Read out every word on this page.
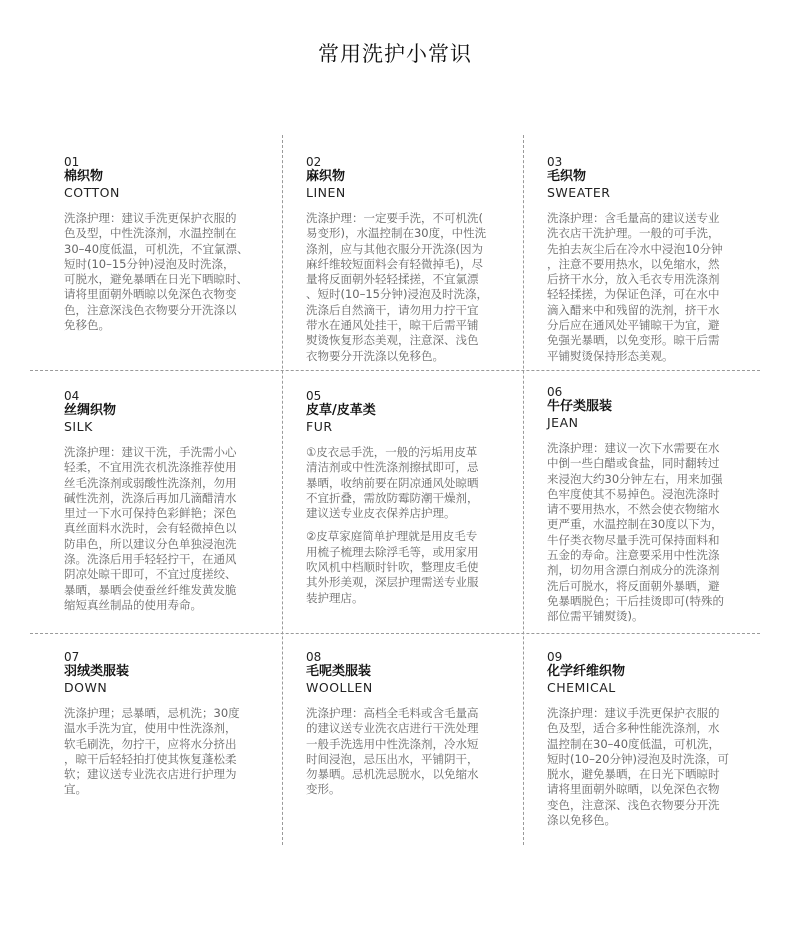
常用洗护小常识
01
棉织物
COTTON
洗涤护理：建议手洗更保护衣服的
色及型，中性洗涤剂，水温控制在
30–40度低温，可机洗，不宜氯漂、
短时(10–15分钟)浸泡及时洗涤，
可脱水，避免暴晒在日光下晒晾时、
请将里面朝外晒晾以免深色衣物变
色，注意深浅色衣物要分开洗涤以
免移色。
02
麻织物
LINEN
洗涤护理：一定要手洗，不可机洗(
易变形)，水温控制在30度，中性洗
涤剂，应与其他衣服分开洗涤(因为
麻纤维较短面料会有轻微掉毛)，尽
量将反面朝外轻轻揉搓，不宜氯漂
、短时(10–15分钟)浸泡及时洗涤，
洗涤后自然滴干，请勿用力拧干宜
带水在通风处挂干，晾干后需平铺
熨烫恢复形态美观，注意深、浅色
衣物要分开洗涤以免移色。
03
毛织物
SWEATER
洗涤护理：含毛量高的建议送专业
洗衣店干洗护理。一般的可手洗，
先拍去灰尘后在冷水中浸泡10分钟
，注意不要用热水，以免缩水，然
后挤干水分，放入毛衣专用洗涤剂
轻轻揉搓，为保证色泽，可在水中
滴入醋来中和残留的洗剂，挤干水
分后应在通风处平铺晾干为宜，避
免强光暴晒，以免变形。晾干后需
平铺熨烫保持形态美观。
04
丝绸织物
SILK
洗涤护理：建议干洗，手洗需小心
轻柔，不宜用洗衣机洗涤推荐使用
丝毛洗涤剂或弱酸性洗涤剂，勿用
碱性洗剂，洗涤后再加几滴醋清水
里过一下水可保持色彩鲜艳；深色
真丝面料水洗时，会有轻微掉色以
防串色，所以建议分色单独浸泡洗
涤。洗涤后用手轻轻拧干，在通风
阴凉处晾干即可，不宜过度搓绞、
暴晒，暴晒会使蚕丝纤维发黄发脆
缩短真丝制品的使用寿命。
05
皮草/皮革类
FUR
①皮衣忌手洗，一般的污垢用皮革
清洁剂或中性洗涤剂擦拭即可，忌
暴晒，收纳前要在阴凉通风处晾晒
不宜折叠，需放防霉防潮干燥剂，
建议送专业皮衣保养店护理。
②皮草家庭简单护理就是用皮毛专
用梳子梳理去除浮毛等，或用家用
吹风机中档顺时针吹，整理皮毛使
其外形美观，深层护理需送专业服
装护理店。
06
牛仔类服装
JEAN
洗涤护理：建议一次下水需要在水
中倒一些白醋或食盐，同时翻转过
来浸泡大约30分钟左右，用来加强
色牢度使其不易掉色。浸泡洗涤时
请不要用热水，不然会使衣物缩水
更严重，水温控制在30度以下为，
牛仔类衣物尽量手洗可保持面料和
五金的寿命。注意要采用中性洗涤
剂，切勿用含漂白剂成分的洗涤剂
洗后可脱水，将反面朝外暴晒，避
免暴晒脱色；干后挂烫即可(特殊的
部位需平铺熨烫)。
07
羽绒类服装
DOWN
洗涤护理；忌暴晒，忌机洗；30度
温水手洗为宜，使用中性洗涤剂，
软毛刷洗，勿拧干，应将水分挤出
，晾干后轻轻拍打使其恢复蓬松柔
软；建议送专业洗衣店进行护理为
宜。
08
毛呢类服装
WOOLLEN
洗涤护理：高档全毛料或含毛量高
的建议送专业洗衣店进行干洗处理
一般手洗选用中性洗涤剂，冷水短
时间浸泡，忌压出水，平铺阴干，
勿暴晒。忌机洗忌脱水，以免缩水
变形。
09
化学纤维织物
CHEMICAL
洗涤护理：建议手洗更保护衣服的
色及型，适合多种性能洗涤剂，水
温控制在30–40度低温，可机洗，
短时(10–20分钟)浸泡及时洗涤，可
脱水，避免暴晒，在日光下晒晾时
请将里面朝外晾晒，以免深色衣物
变色，注意深、浅色衣物要分开洗
涤以免移色。
